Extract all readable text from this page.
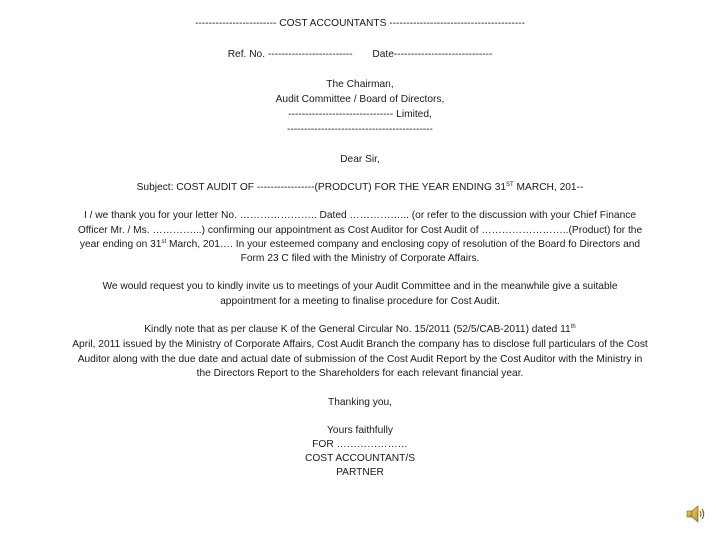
------------------------ COST ACCOUNTANTS ----------------------------------------
Ref. No. ------------------------- Date-----------------------------
The Chairman,
Audit Committee / Board of Directors,
------------------------------- Limited,
-------------------------------------------
Dear Sir,
Subject: COST AUDIT OF -----------------(PRODCUT) FOR THE YEAR ENDING 31ST MARCH, 201--
I / we thank you for your letter No. ………………….. Dated ……………... (or refer to the discussion with your Chief Finance
Officer Mr. / Ms. …………...) confirming our appointment as Cost Auditor for Cost Audit of ……………………..(Product) for the
year ending on 31st March, 201…. In your esteemed company and enclosing copy of resolution of the Board fo Directors and
Form 23 C filed with the Ministry of Corporate Affairs.
We would request you to kindly invite us to meetings of your Audit Committee and in the meanwhile give a suitable
appointment for a meeting to finalise procedure for Cost Audit.
Kindly note that as per clause K of the General Circular No. 15/2011 (52/5/CAB-2011) dated 11th
April, 2011 issued by the Ministry of Corporate Affairs, Cost Audit Branch the company has to disclose full particulars of the Cost
Auditor along with the due date and actual date of submission of the Cost Audit Report by the Cost Auditor with the Ministry in
the Directors Report to the Shareholders for each relevant financial year.
Thanking you,
Yours faithfully
FOR …………………
COST ACCOUNTANT/S
PARTNER
